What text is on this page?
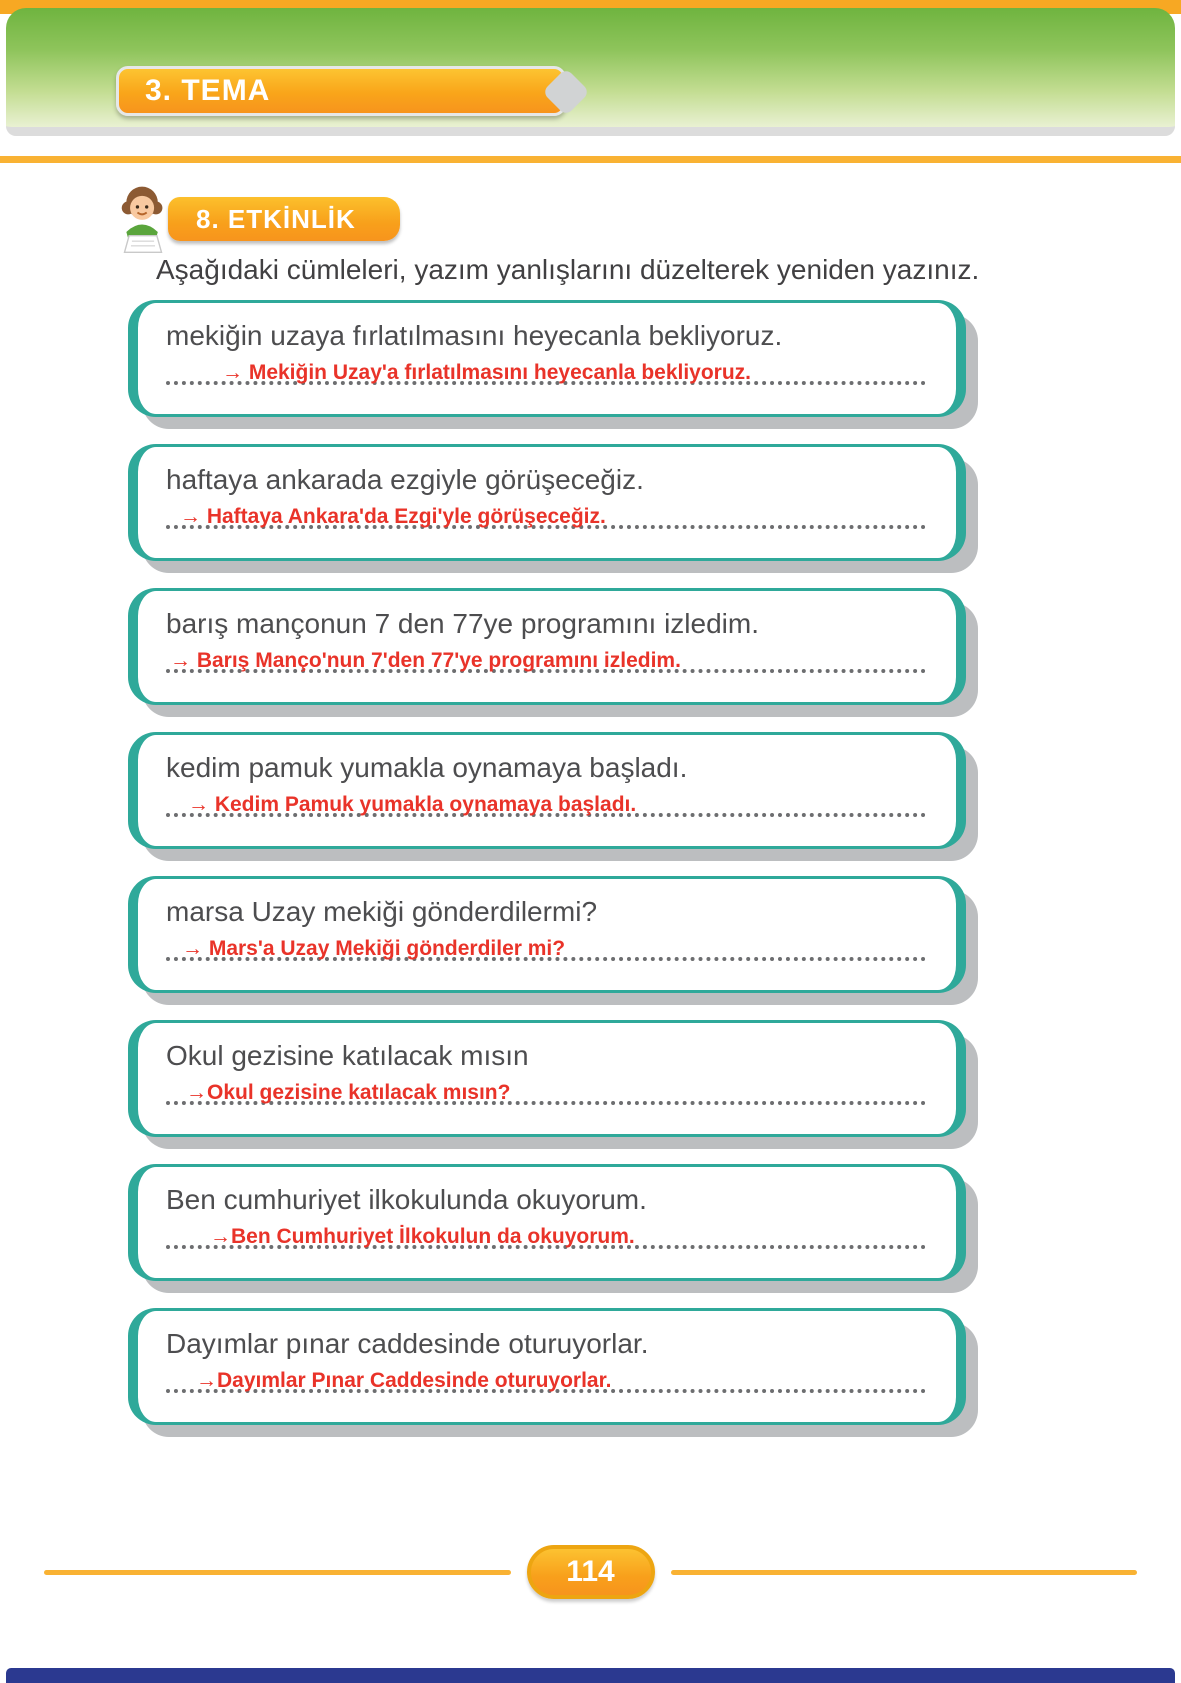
3. TEMA
8. ETKİNLİK

Aşağıdaki cümleleri, yazım yanlışlarını düzelterek yeniden yazınız.

mekiğin uzaya fırlatılmasını heyecanla bekliyoruz.

→ Mekiğin Uzay'a fırlatılmasını heyecanla bekliyoruz.

haftaya ankarada ezgiyle görüşeceğiz.

→ Haftaya Ankara'da Ezgi'yle görüşeceğiz.

barış mançonun 7 den 77ye programını izledim.

→ Barış Manço'nun 7'den 77'ye programını izledim.

kedim pamuk yumakla oynamaya başladı.

→ Kedim Pamuk yumakla oynamaya başladı.

marsa Uzay mekiği gönderdilermi?

→ Mars'a Uzay Mekiği gönderdiler mi?

Okul gezisine katılacak mısın

→Okul gezisine katılacak mısın?

Ben cumhuriyet ilkokulunda okuyorum.

→Ben Cumhuriyet İlkokulun da okuyorum.

Dayımlar pınar caddesinde oturuyorlar.

→Dayımlar Pınar Caddesinde oturuyorlar.
114
